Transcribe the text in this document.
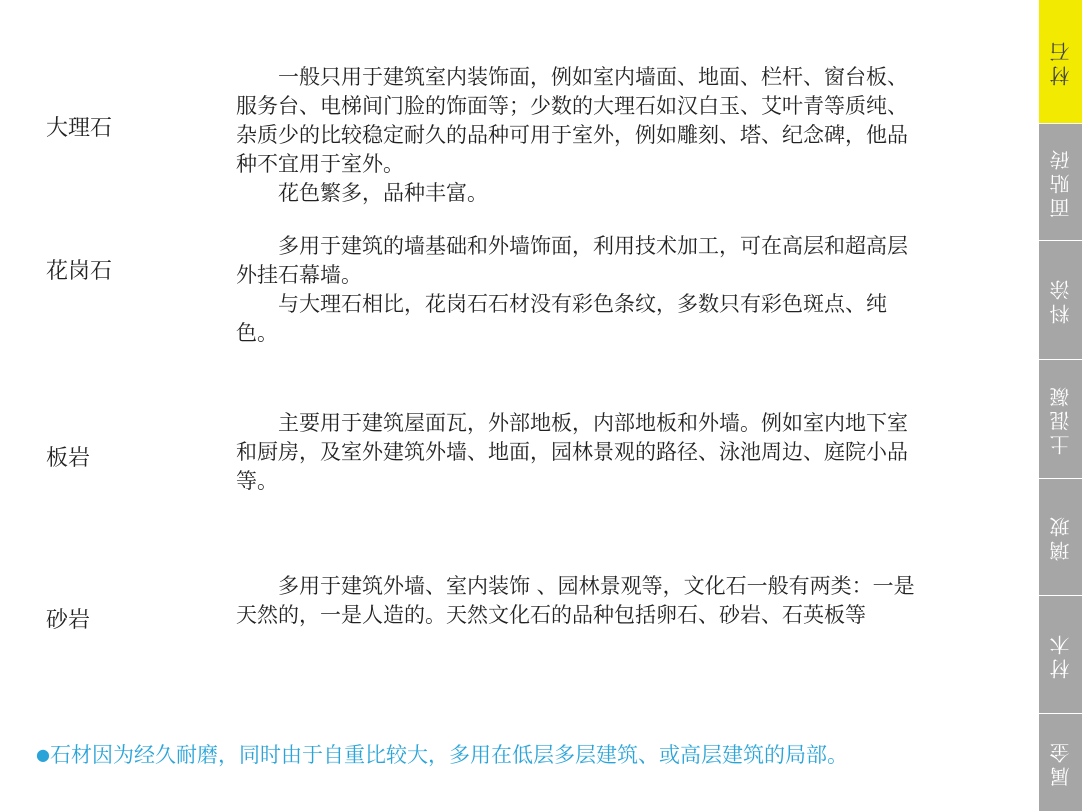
大理石

　　一般只用于建筑室内装饰面，例如室内墙面、地面、栏杆、窗台板、服务台、电梯间门脸的饰面等；少数的大理石如汉白玉、艾叶青等质纯、杂质少的比较稳定耐久的品种可用于室外，例如雕刻、塔、纪念碑，他品种不宜用于室外。

　　花色繁多，品种丰富。

花岗石

　　多用于建筑的墙基础和外墙饰面，利用技术加工，可在高层和超高层外挂石幕墙。

　　与大理石相比，花岗石石材没有彩色条纹，多数只有彩色斑点、纯色。

板岩

　　主要用于建筑屋面瓦，外部地板，内部地板和外墙。例如室内地下室和厨房，及室外建筑外墙、地面，园林景观的路径、泳池周边、庭院小品等。

砂岩

　　多用于建筑外墙、室内装饰 、园林景观等，文化石一般有两类：一是天然的，一是人造的。天然文化石的品种包括卵石、砂岩、石英板等

●石材因为经久耐磨，同时由于自重比较大，多用在低层多层建筑、或高层建筑的局部。
材石
面贴砖
料涂
土混凝
璃玻
材木
属金
